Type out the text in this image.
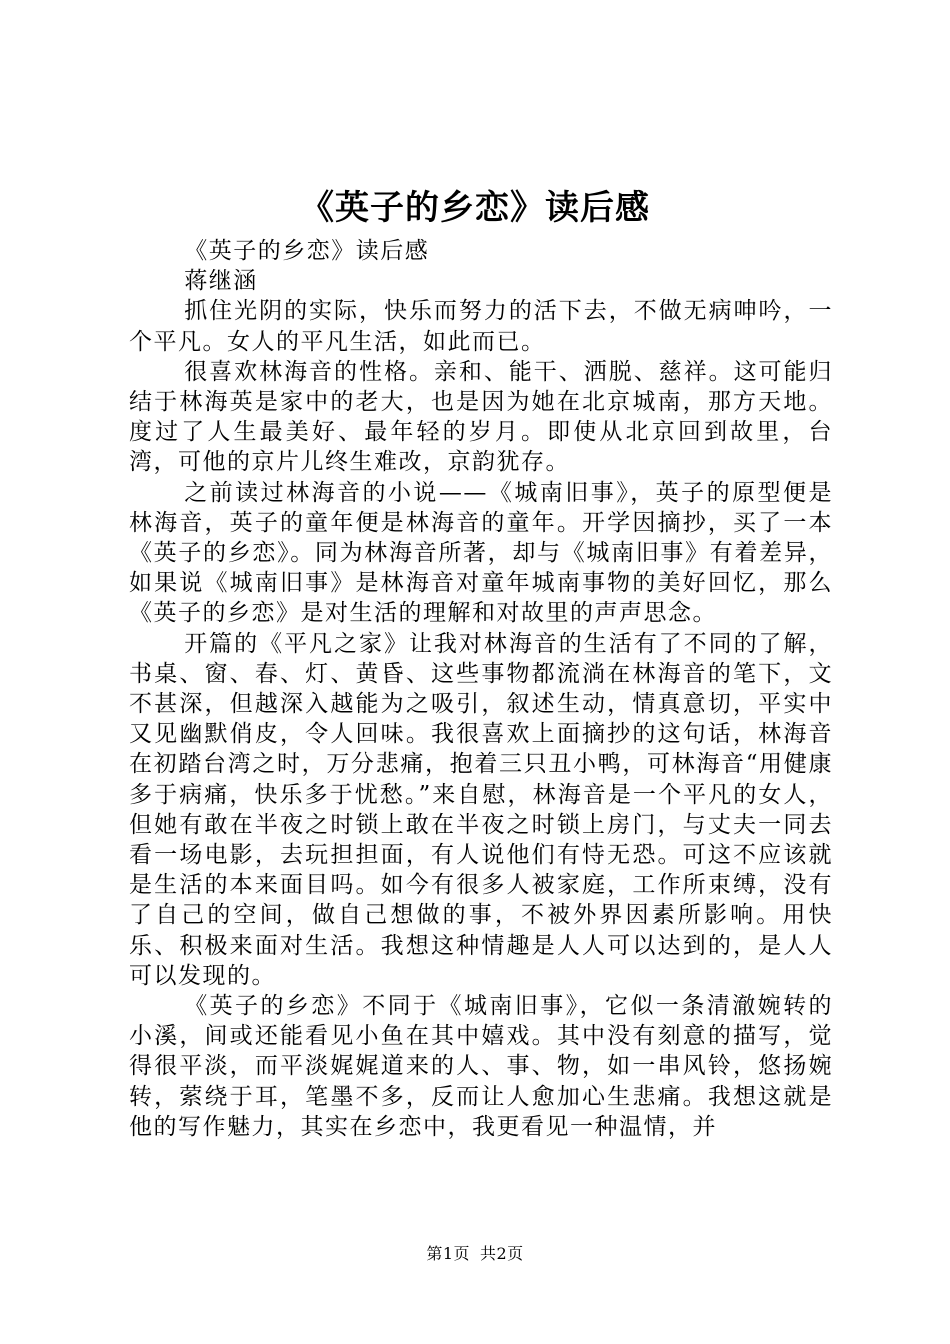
《英子的乡恋》读后感

《英子的乡恋》读后感

蒋继涵

抓住光阴的实际，快乐而努力的活下去，不做无病呻吟，一个平凡。女人的平凡生活，如此而已。

很喜欢林海音的性格。亲和、能干、洒脱、慈祥。这可能归结于林海英是家中的老大，也是因为她在北京城南，那方天地。度过了人生最美好、最年轻的岁月。即使从北京回到故里，台湾，可他的京片儿终生难改，京韵犹存。

之前读过林海音的小说——《城南旧事》，英子的原型便是林海音，英子的童年便是林海音的童年。开学因摘抄，买了一本《英子的乡恋》。同为林海音所著，却与《城南旧事》有着差异，如果说《城南旧事》是林海音对童年城南事物的美好回忆，那么《英子的乡恋》是对生活的理解和对故里的声声思念。

开篇的《平凡之家》让我对林海音的生活有了不同的了解，书桌、窗、春、灯、黄昏、这些事物都流淌在林海音的笔下，文不甚深，但越深入越能为之吸引，叙述生动，情真意切，平实中又见幽默俏皮，令人回味。我很喜欢上面摘抄的这句话，林海音在初踏台湾之时，万分悲痛，抱着三只丑小鸭，可林海音“用健康多于病痛，快乐多于忧愁。”来自慰，林海音是一个平凡的女人，但她有敢在半夜之时锁上敢在半夜之时锁上房门，与丈夫一同去看一场电影，去玩担担面，有人说他们有恃无恐。可这不应该就是生活的本来面目吗。如今有很多人被家庭，工作所束缚，没有了自己的空间，做自己想做的事，不被外界因素所影响。用快乐、积极来面对生活。我想这种情趣是人人可以达到的，是人人可以发现的。

《英子的乡恋》不同于《城南旧事》，它似一条清澈婉转的小溪，间或还能看见小鱼在其中嬉戏。其中没有刻意的描写，觉得很平淡，而平淡娓娓道来的人、事、物，如一串风铃，悠扬婉转，萦绕于耳，笔墨不多，反而让人愈加心生悲痛。我想这就是他的写作魅力，其实在乡恋中，我更看见一种温情，并

第1页 共2页
